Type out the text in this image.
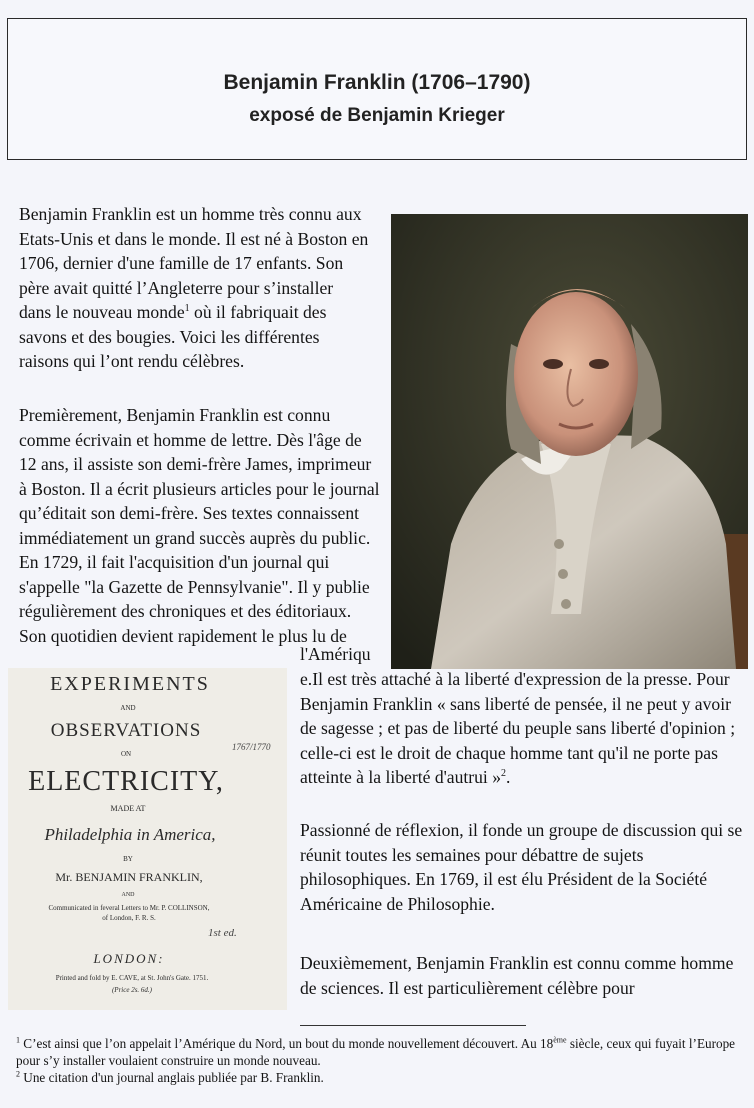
Benjamin Franklin (1706–1790)
exposé de Benjamin Krieger

Benjamin Franklin est un homme très connu aux Etats-Unis et dans le monde. Il est né à Boston en 1706, dernier d'une famille de 17 enfants. Son père avait quitté l’Angleterre pour s’installer dans le nouveau monde$^1$ où il fabriquait des savons et des bougies. Voici les différentes raisons qui l’ont rendu célèbres.

Premièrement, Benjamin Franklin est connu comme écrivain et homme de lettre. Dès l'âge de 12 ans, il assiste son demi-frère James, imprimeur à Boston. Il a écrit plusieurs articles pour le journal qu’éditait son demi-frère. Ses textes connaissent immédiatement un grand succès auprès du public. En 1729, il fait l'acquisition d'un journal qui s'appelle "la Gazette de Pennsylvanie". Il y publie régulièrement des chroniques et des éditoriaux. Son quotidien devient rapidement le plus lu de

l'Amériqu

e.Il est très attaché à la liberté d'expression de la presse. Pour Benjamin Franklin « sans liberté de pensée, il ne peut y avoir de sagesse ; et pas de liberté du peuple sans liberté d'opinion ; celle-ci est le droit de chaque homme tant qu'il ne porte pas atteinte à la liberté d'autrui »$^2$.

Passionné de réflexion, il fonde un groupe de discussion qui se réunit toutes les semaines pour débattre de sujets philosophiques. En 1769, il est élu Président de la Société Américaine de Philosophie.

Deuxièmement, Benjamin Franklin est connu comme homme de sciences. Il est particulièrement célèbre pour

EXPERIMENTS
AND
OBSERVATIONS
ON
ELECTRICITY,
MADE AT
Philadelphia in America,
BY
Mr. BENJAMIN FRANKLIN,
AND
Communicated in feveral Letters to Mr. P. COLLINSON,
of London, F. R. S.
LONDON:
Printed and fold by E. CAVE, at St. John's Gate. 1751.
(Price 2s. 6d.)
1767/1770
1st ed.
$^1$ C’est ainsi que l’on appelait l’Amérique du Nord, un bout du monde nouvellement découvert. Au 18ème siècle, ceux qui fuyait l’Europe pour s’y installer voulaient construire un monde nouveau.
$^2$ Une citation d'un journal anglais publiée par B. Franklin.
